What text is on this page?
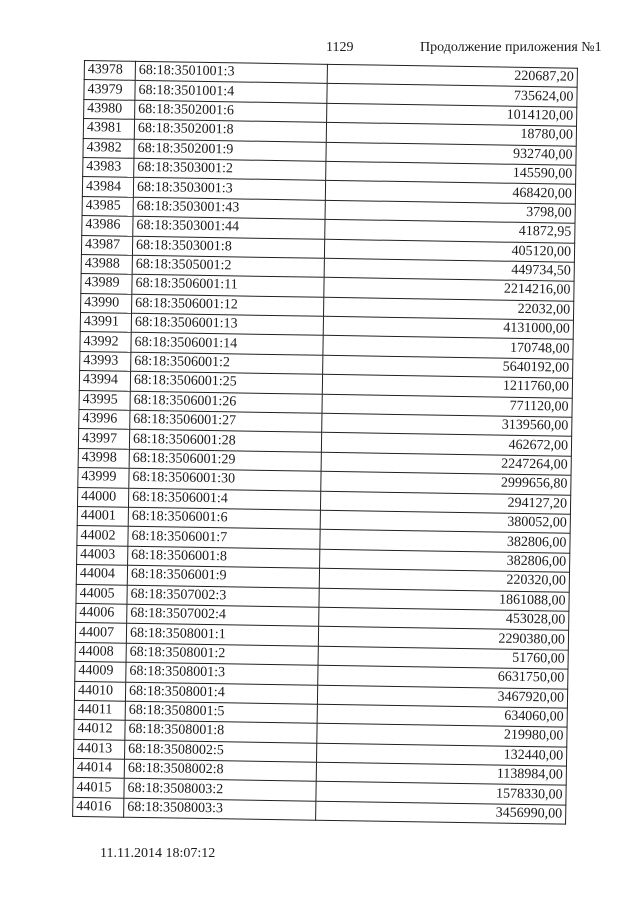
1129	Продолжение приложения №1
43978	68:18:3501001:3	220687,20
43979	68:18:3501001:4	735624,00
43980	68:18:3502001:6	1014120,00
43981	68:18:3502001:8	18780,00
43982	68:18:3502001:9	932740,00
43983	68:18:3503001:2	145590,00
43984	68:18:3503001:3	468420,00
43985	68:18:3503001:43	3798,00
43986	68:18:3503001:44	41872,95
43987	68:18:3503001:8	405120,00
43988	68:18:3505001:2	449734,50
43989	68:18:3506001:11	2214216,00
43990	68:18:3506001:12	22032,00
43991	68:18:3506001:13	4131000,00
43992	68:18:3506001:14	170748,00
43993	68:18:3506001:2	5640192,00
43994	68:18:3506001:25	1211760,00
43995	68:18:3506001:26	771120,00
43996	68:18:3506001:27	3139560,00
43997	68:18:3506001:28	462672,00
43998	68:18:3506001:29	2247264,00
43999	68:18:3506001:30	2999656,80
44000	68:18:3506001:4	294127,20
44001	68:18:3506001:6	380052,00
44002	68:18:3506001:7	382806,00
44003	68:18:3506001:8	382806,00
44004	68:18:3506001:9	220320,00
44005	68:18:3507002:3	1861088,00
44006	68:18:3507002:4	453028,00
44007	68:18:3508001:1	2290380,00
44008	68:18:3508001:2	51760,00
44009	68:18:3508001:3	6631750,00
44010	68:18:3508001:4	3467920,00
44011	68:18:3508001:5	634060,00
44012	68:18:3508001:8	219980,00
44013	68:18:3508002:5	132440,00
44014	68:18:3508002:8	1138984,00
44015	68:18:3508003:2	1578330,00
44016	68:18:3508003:3	3456990,00
11.11.2014 18:07:12
